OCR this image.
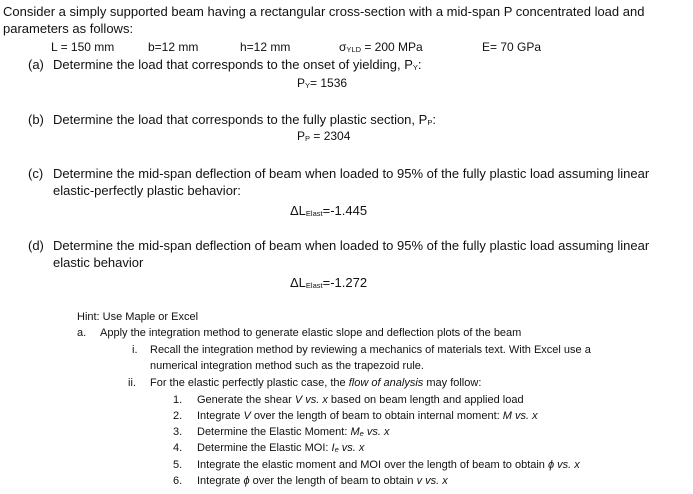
Consider a simply supported beam having a rectangular cross-section with a mid-span P concentrated load and
parameters as follows:
L = 150 mm	b=12 mm	h=12 mm	σYLD = 200 MPa	E= 70 GPa
(a) Determine the load that corresponds to the onset of yielding, PY:
PY= 1536
(b) Determine the load that corresponds to the fully plastic section, PP:
PP = 2304
(c) Determine the mid-span deflection of beam when loaded to 95% of the fully plastic load assuming linear
elastic-perfectly plastic behavior:
ΔLElast=-1.445
(d) Determine the mid-span deflection of beam when loaded to 95% of the fully plastic load assuming linear
elastic behavior
ΔLElast=-1.272
Hint: Use Maple or Excel
a. Apply the integration method to generate elastic slope and deflection plots of the beam
i. Recall the integration method by reviewing a mechanics of materials text. With Excel use a
numerical integration method such as the trapezoid rule.
ii. For the elastic perfectly plastic case, the flow of analysis may follow:
1. Generate the shear V vs. x based on beam length and applied load
2. Integrate V over the length of beam to obtain internal moment: M vs. x
3. Determine the Elastic Moment: Me vs. x
4. Determine the Elastic MOI: Ie vs. x
5. Integrate the elastic moment and MOI over the length of beam to obtain ϕ vs. x
6. Integrate ϕ over the length of beam to obtain v vs. x
